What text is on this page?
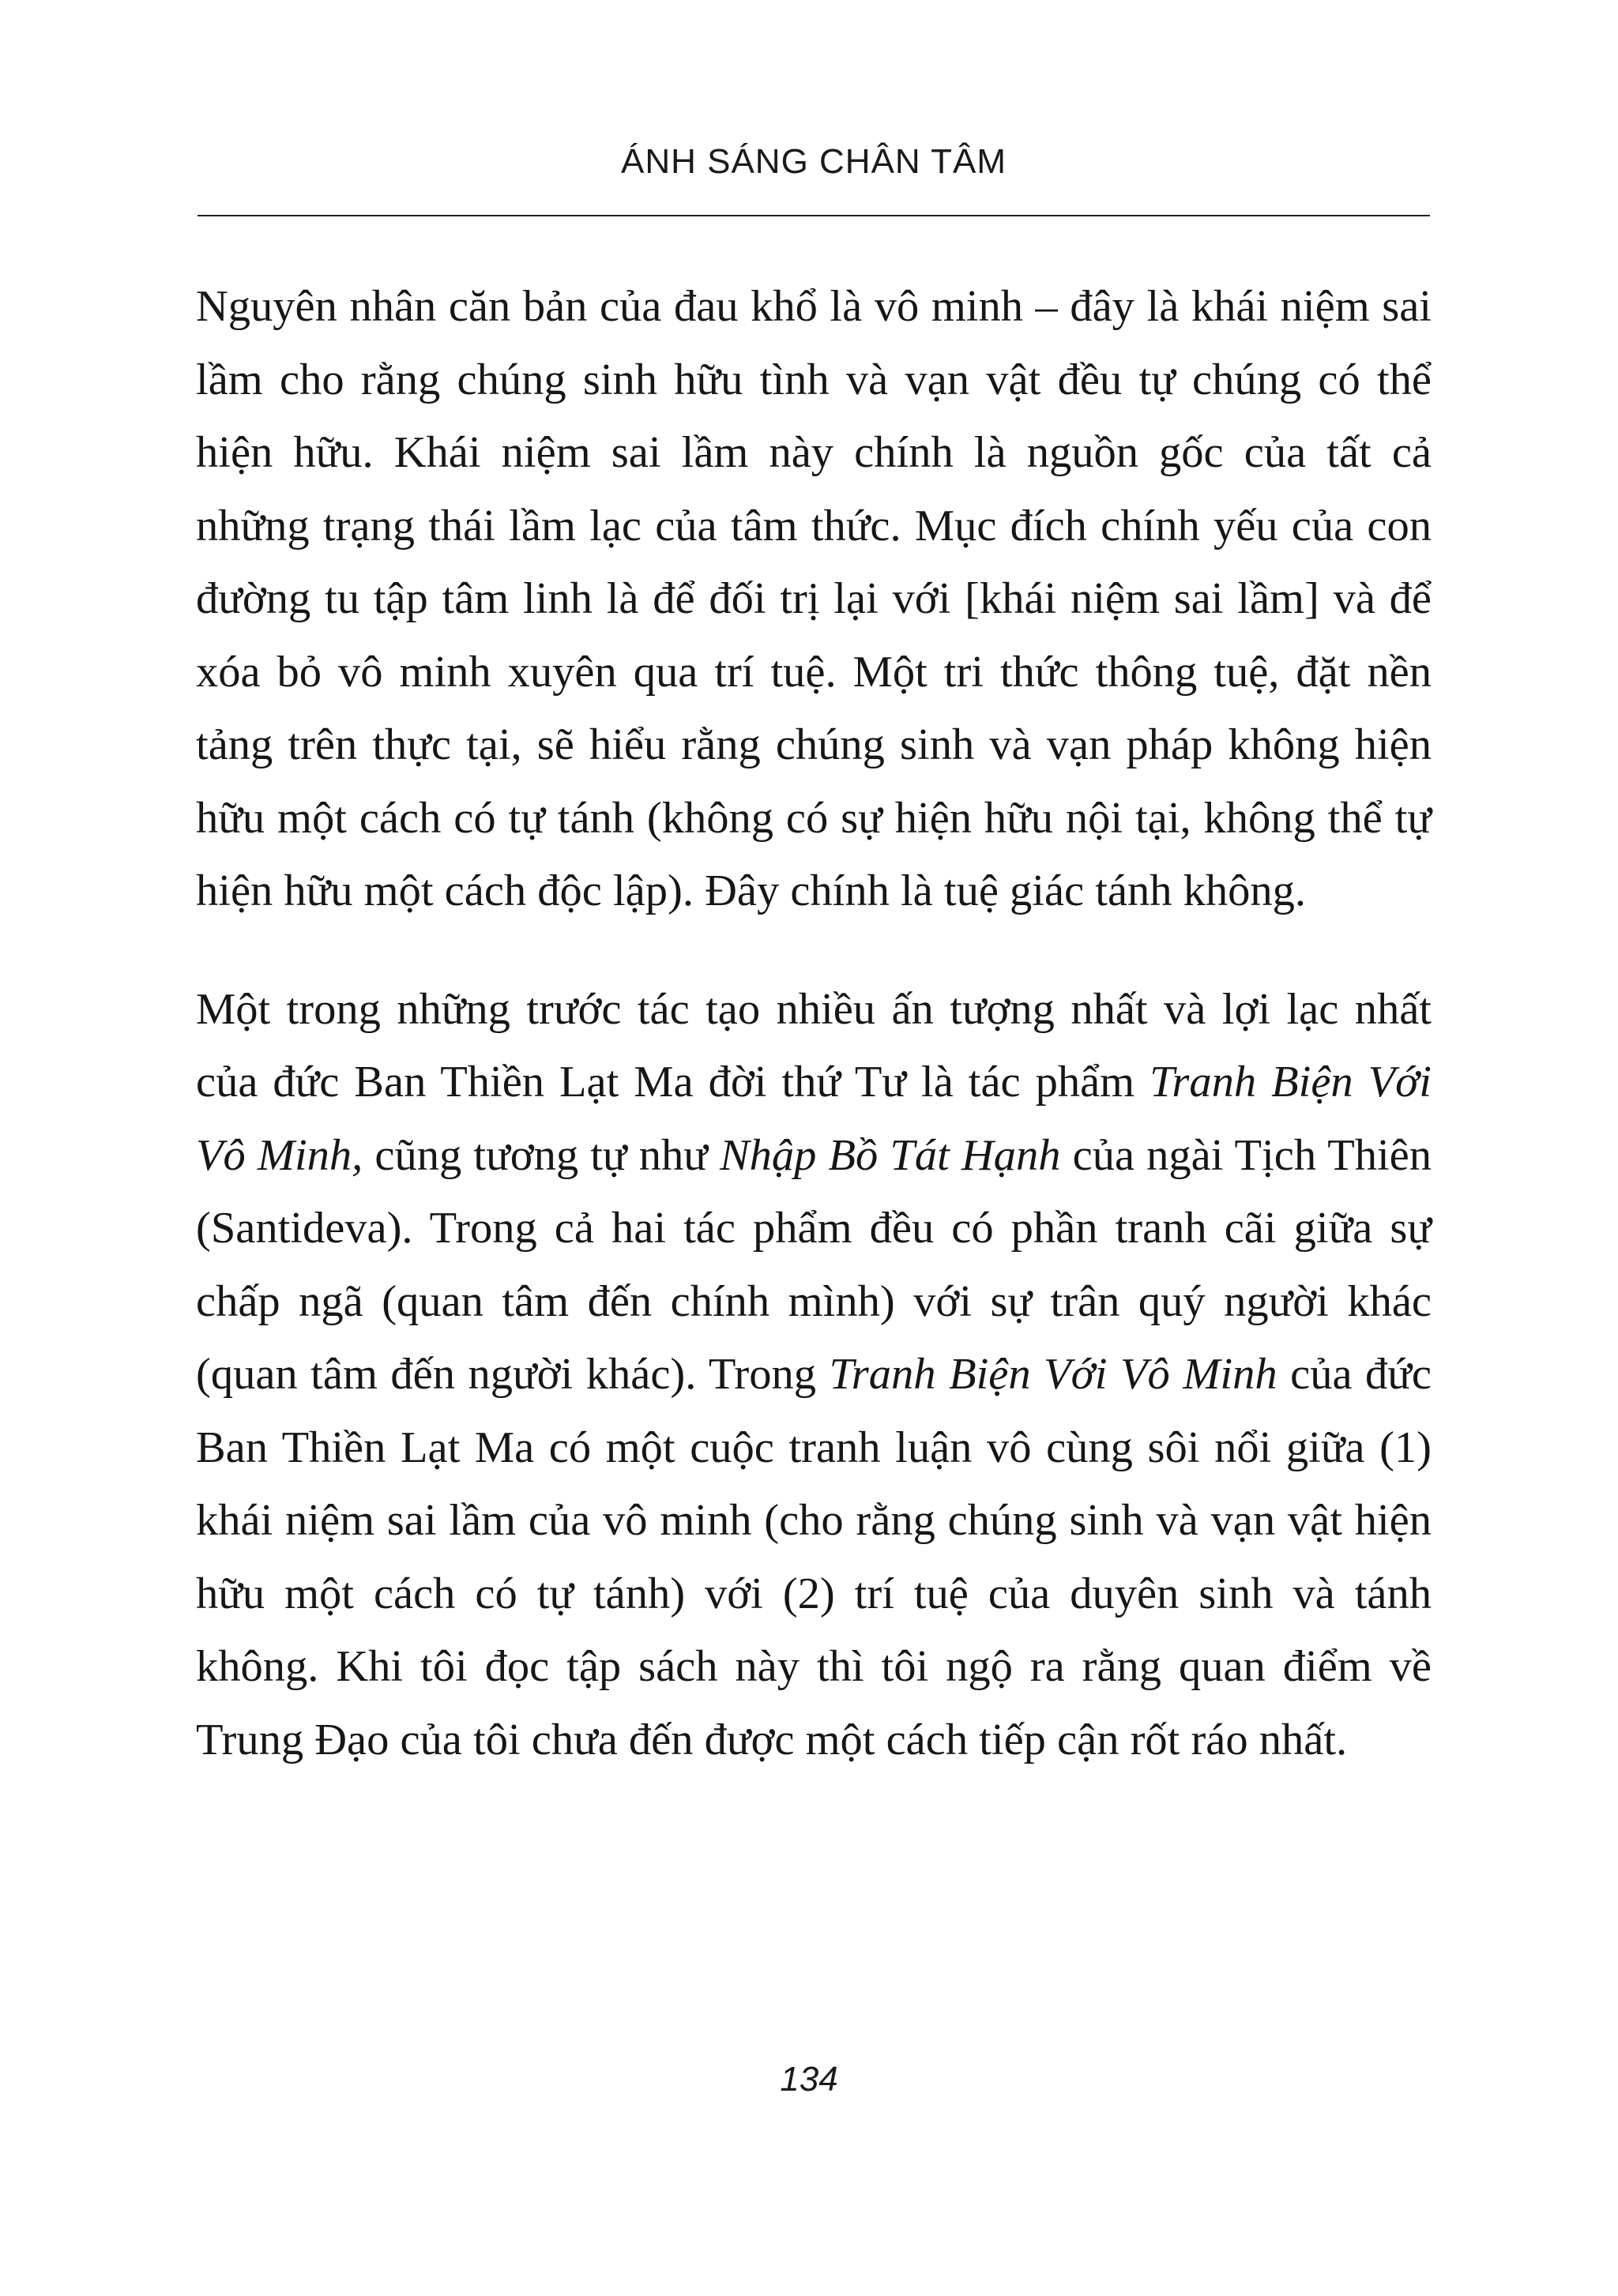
ÁNH SÁNG CHÂN TÂM

Nguyên nhân căn bản của đau khổ là vô minh – đây là khái niệm sai lầm cho rằng chúng sinh hữu tình và vạn vật đều tự chúng có thể hiện hữu. Khái niệm sai lầm này chính là nguồn gốc của tất cả những trạng thái lầm lạc của tâm thức. Mục đích chính yếu của con đường tu tập tâm linh là để đối trị lại với [khái niệm sai lầm] và để xóa bỏ vô minh xuyên qua trí tuệ. Một tri thức thông tuệ, đặt nền tảng trên thực tại, sẽ hiểu rằng chúng sinh và vạn pháp không hiện hữu một cách có tự tánh (không có sự hiện hữu nội tại, không thể tự hiện hữu một cách độc lập). Đây chính là tuệ giác tánh không.

Một trong những trước tác tạo nhiều ấn tượng nhất và lợi lạc nhất của đức Ban Thiền Lạt Ma đời thứ Tư là tác phẩm Tranh Biện Với Vô Minh, cũng tương tự như Nhập Bồ Tát Hạnh của ngài Tịch Thiên (Santideva). Trong cả hai tác phẩm đều có phần tranh cãi giữa sự chấp ngã (quan tâm đến chính mình) với sự trân quý người khác (quan tâm đến người khác). Trong Tranh Biện Với Vô Minh của đức Ban Thiền Lạt Ma có một cuộc tranh luận vô cùng sôi nổi giữa (1) khái niệm sai lầm của vô minh (cho rằng chúng sinh và vạn vật hiện hữu một cách có tự tánh) với (2) trí tuệ của duyên sinh và tánh không. Khi tôi đọc tập sách này thì tôi ngộ ra rằng quan điểm về Trung Đạo của tôi chưa đến được một cách tiếp cận rốt ráo nhất.

134
